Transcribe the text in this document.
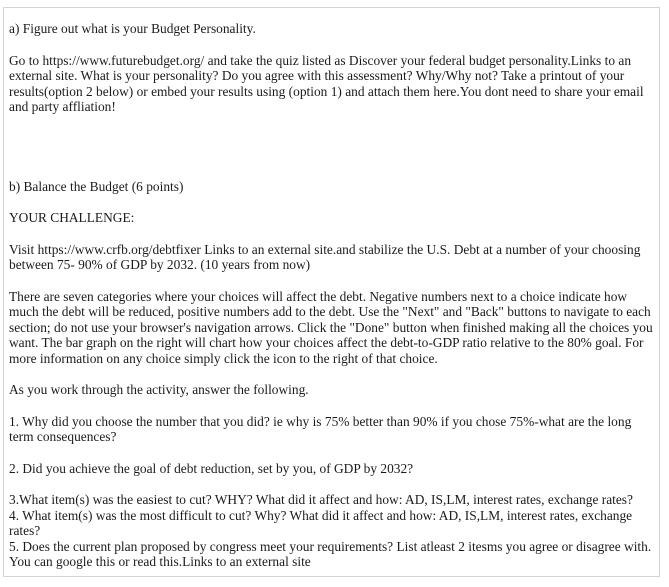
a) Figure out what is your Budget Personality.

Go to https://www.futurebudget.org/ and take the quiz listed as Discover your federal budget personality.Links to an external site. What is your personality? Do you agree with this assessment? Why/Why not? Take a printout of your results(option 2 below) or embed your results using (option 1) and attach them here.You dont need to share your email and party affliation!

b) Balance the Budget (6 points)

YOUR CHALLENGE:

Visit https://www.crfb.org/debtfixer Links to an external site.and stabilize the U.S. Debt at a number of your choosing between 75- 90% of GDP by 2032. (10 years from now)

There are seven categories where your choices will affect the debt. Negative numbers next to a choice indicate how much the debt will be reduced, positive numbers add to the debt. Use the "Next" and "Back" buttons to navigate to each section; do not use your browser's navigation arrows. Click the "Done" button when finished making all the choices you want. The bar graph on the right will chart how your choices affect the debt-to-GDP ratio relative to the 80% goal. For more information on any choice simply click the icon to the right of that choice.

As you work through the activity, answer the following.

1. Why did you choose the number that you did? ie why is 75% better than 90% if you chose 75%-what are the long term consequences?

2. Did you achieve the goal of debt reduction, set by you, of GDP by 2032?

3.What item(s) was the easiest to cut? WHY? What did it affect and how: AD, IS,LM, interest rates, exchange rates?

4. What item(s) was the most difficult to cut? Why? What did it affect and how: AD, IS,LM, interest rates, exchange rates?

5. Does the current plan proposed by congress meet your requirements? List atleast 2 itesms you agree or disagree with. You can google this or read this.Links to an external site
